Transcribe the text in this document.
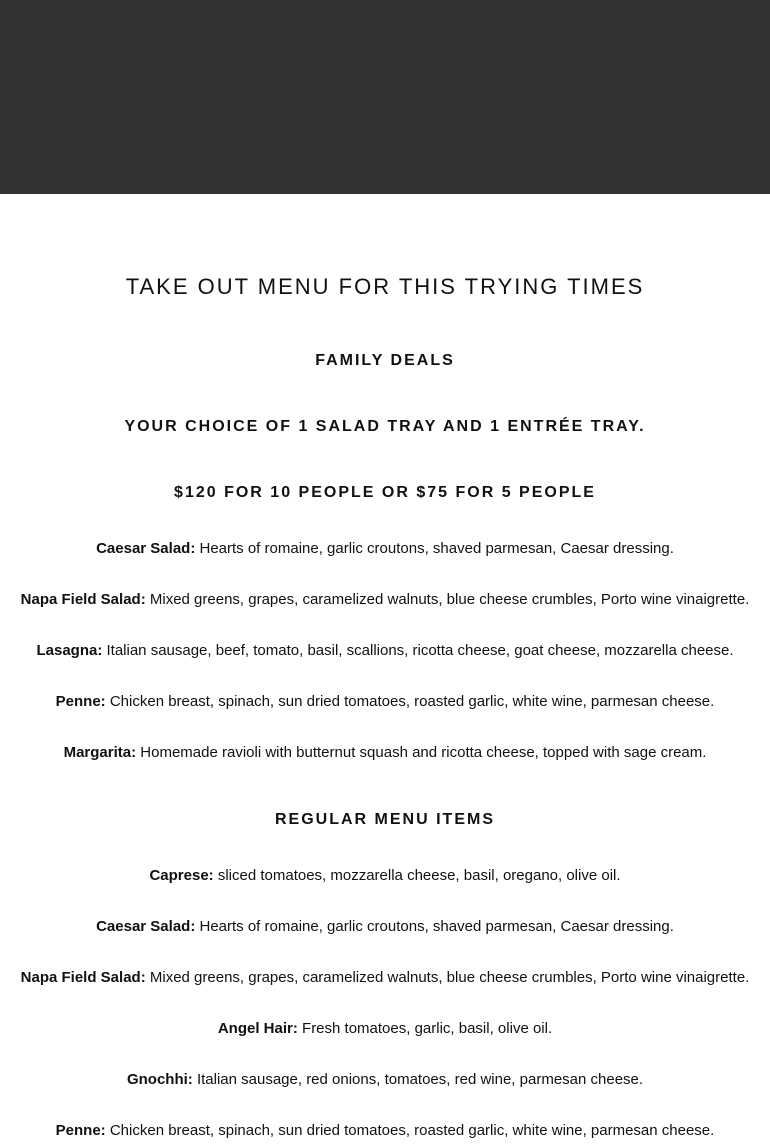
TAKE OUT MENU FOR THIS TRYING TIMES
FAMILY DEALS
YOUR CHOICE OF 1 SALAD TRAY AND 1 ENTRÉE TRAY.
$120 FOR 10 PEOPLE OR $75 FOR 5 PEOPLE

Caesar Salad: Hearts of romaine, garlic croutons, shaved parmesan, Caesar dressing.

Napa Field Salad: Mixed greens, grapes, caramelized walnuts, blue cheese crumbles, Porto wine vinaigrette.

Lasagna: Italian sausage, beef, tomato, basil, scallions, ricotta cheese, goat cheese, mozzarella cheese.

Penne: Chicken breast, spinach, sun dried tomatoes, roasted garlic, white wine, parmesan cheese.

Margarita: Homemade ravioli with butternut squash and ricotta cheese, topped with sage cream.

REGULAR MENU ITEMS

Caprese: sliced tomatoes, mozzarella cheese, basil, oregano, olive oil.

Caesar Salad: Hearts of romaine, garlic croutons, shaved parmesan, Caesar dressing.

Napa Field Salad: Mixed greens, grapes, caramelized walnuts, blue cheese crumbles, Porto wine vinaigrette.

Angel Hair: Fresh tomatoes, garlic, basil, olive oil.

Gnochhi: Italian sausage, red onions, tomatoes, red wine, parmesan cheese.

Penne: Chicken breast, spinach, sun dried tomatoes, roasted garlic, white wine, parmesan cheese.
